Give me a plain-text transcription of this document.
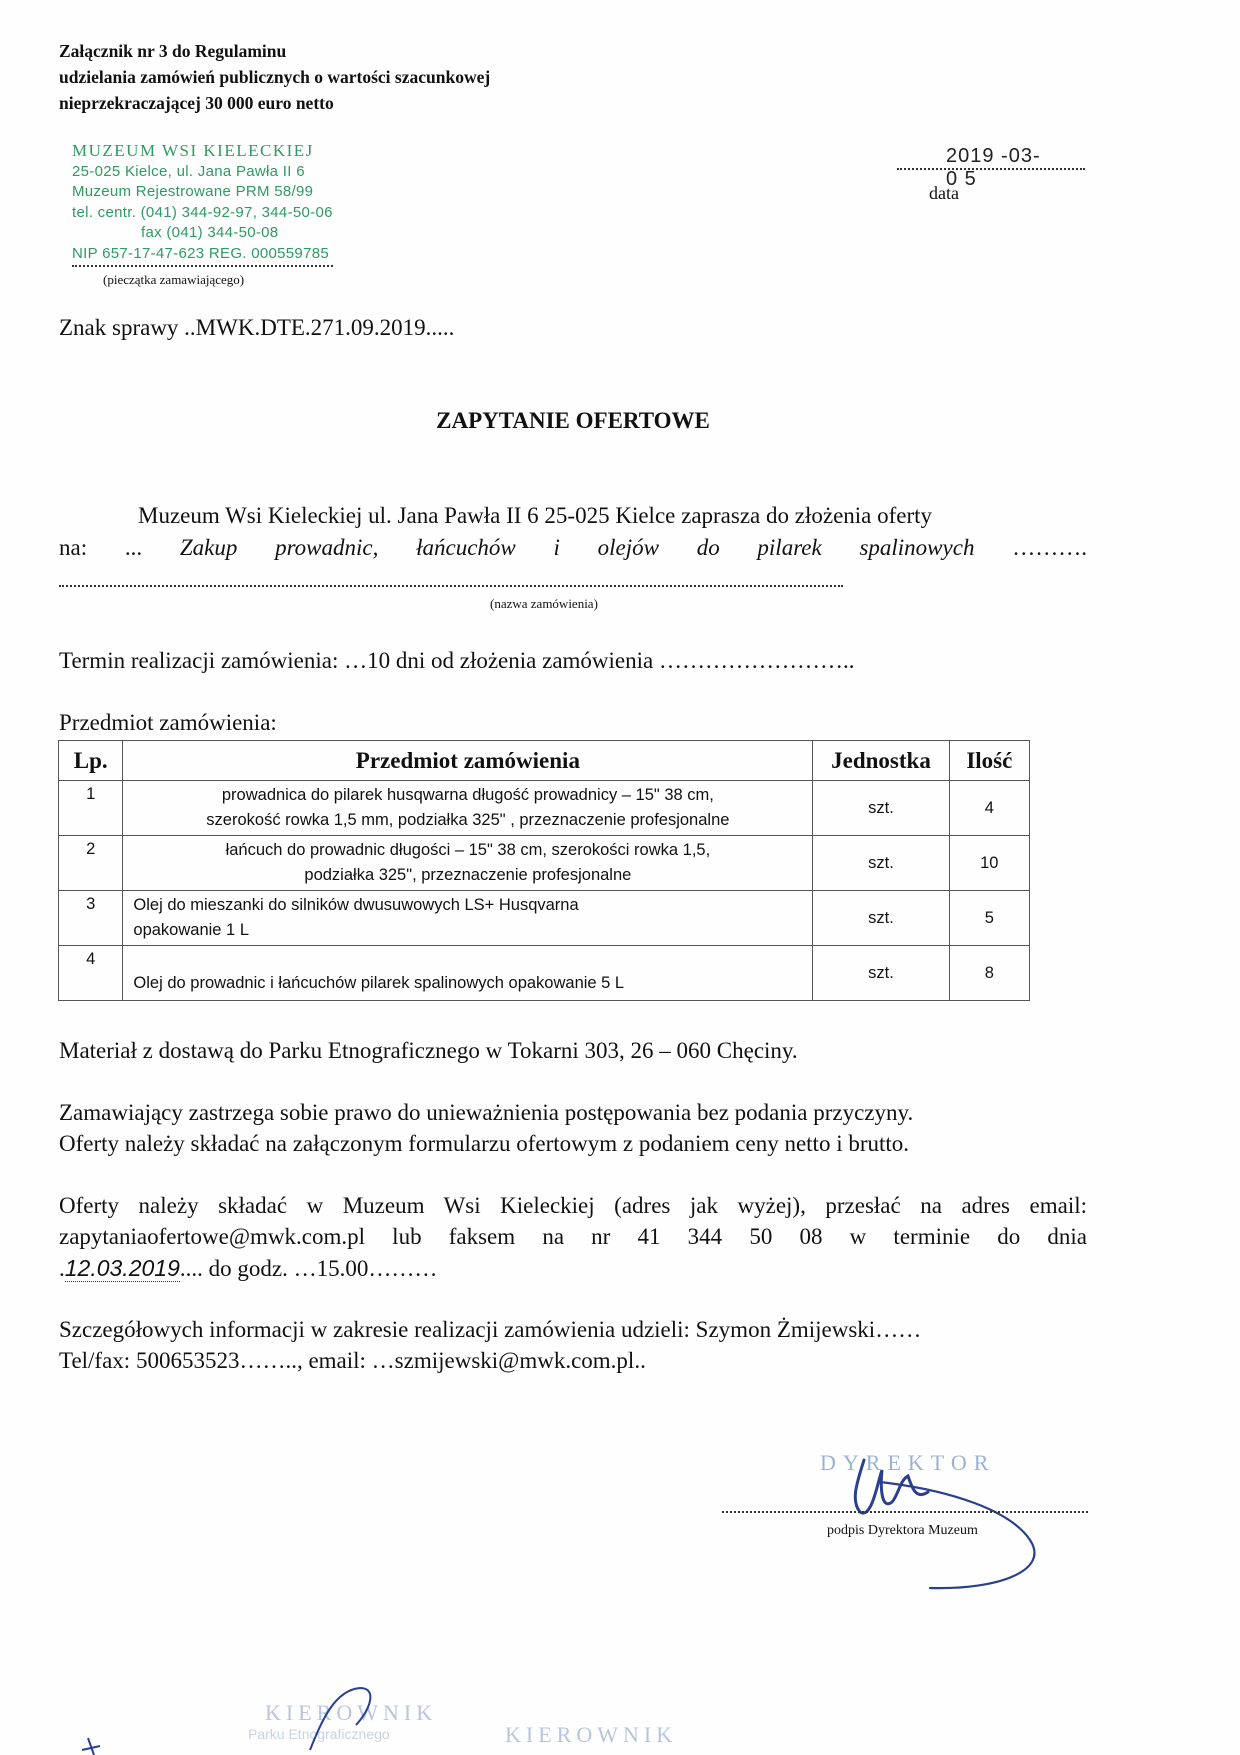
Załącznik nr 3 do Regulaminu
udzielania zamówień publicznych o wartości szacunkowej
nieprzekraczającej 30 000 euro netto
MUZEUM WSI KIELECKIEJ
25-025 Kielce, ul. Jana Pawła II 6
Muzeum Rejestrowane PRM 58/99
tel. centr. (041) 344-92-97, 344-50-06
fax (041) 344-50-08
NIP 657-17-47-623 REG. 000559785
(pieczątka zamawiającego)
2019 -03- 0 5
data
Znak sprawy ..MWK.DTE.271.09.2019.....
ZAPYTANIE OFERTOWE
Muzeum Wsi Kieleckiej ul. Jana Pawła II 6 25-025 Kielce zaprasza do złożenia oferty
na: ... Zakup prowadnic, łańcuchów i olejów do pilarek spalinowych ……….
(nazwa zamówienia)
Termin realizacji zamówienia: …10 dni od złożenia zamówienia ……………………..
Przedmiot zamówienia:
Lp.	Przedmiot zamówienia	Jednostka	Ilość
1	prowadnica do pilarek husqwarna długość prowadnicy – 15" 38 cm,
szerokość rowka 1,5 mm, podziałka 325" , przeznaczenie profesjonalne	szt.	4
2	łańcuch do prowadnic długości – 15" 38 cm, szerokości rowka 1,5,
podziałka 325", przeznaczenie profesjonalne	szt.	10
3	Olej do mieszanki do silników dwusuwowych LS+ Husqvarna
opakowanie 1 L	szt.	5
4	Olej do prowadnic i łańcuchów pilarek spalinowych opakowanie 5 L	szt.	8
Materiał z dostawą do Parku Etnograficznego w Tokarni 303, 26 – 060 Chęciny.
Zamawiający zastrzega sobie prawo do unieważnienia postępowania bez podania przyczyny.
Oferty należy składać na załączonym formularzu ofertowym z podaniem ceny netto i brutto.
Oferty należy składać w Muzeum Wsi Kieleckiej (adres jak wyżej), przesłać na adres email:
zapytaniaofertowe@mwk.com.pl lub faksem na nr 41 344 50 08 w terminie do dnia
.12.03.2019.... do godz. …15.00………
Szczegółowych informacji w zakresie realizacji zamówienia udzieli: Szymon Żmijewski……
Tel/fax: 500653523…….., email: …szmijewski@mwk.com.pl..
DYREKTOR
podpis Dyrektora Muzeum
KIEROWNIK
Parku Etnograficznego	KIEROWNIK
